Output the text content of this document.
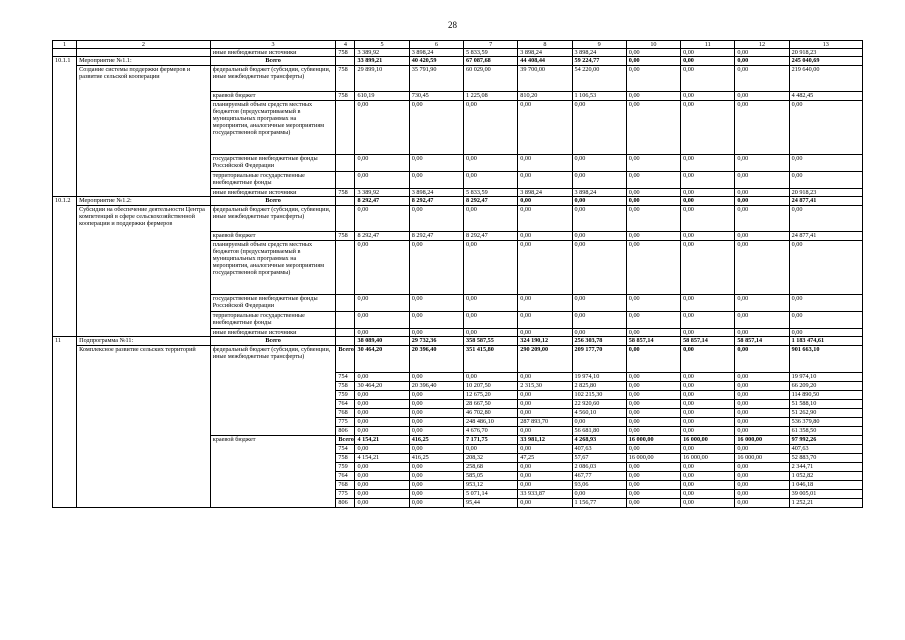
28
1	2	3	4	5	6	7	8	9	10	11	12	13
		иные внебюджетные источники	758	3 389,92	3 898,24	5 833,59	3 898,24	3 898,24	0,00	0,00	0,00	20 918,23
10.1.1	Мероприятие №1.1:	Всего		33 899,21	40 420,59	67 087,68	44 408,44	59 224,77	0,00	0,00	0,00	245 040,69
	Создание системы поддержки фермеров и развитие сельской кооперации	федеральный бюджет (субсидии, субвенции, иные межбюджетные трансферты)	758	29 899,10	35 791,90	60 029,00	39 700,00	54 220,00	0,00	0,00	0,00	219 640,00
		краевой бюджет	758	610,19	730,45	1 225,08	810,20	1 106,53	0,00	0,00	0,00	4 482,45
		планируемый объем средств местных бюджетов (предусматриваемый в муниципальных программах на мероприятия, аналогичные мероприятиям государственной программы)		0,00	0,00	0,00	0,00	0,00	0,00	0,00	0,00	0,00
		государственные внебюджетные фонды Российской Федерации		0,00	0,00	0,00	0,00	0,00	0,00	0,00	0,00	0,00
		территориальные государственные внебюджетные фонды		0,00	0,00	0,00	0,00	0,00	0,00	0,00	0,00	0,00
		иные внебюджетные источники	758	3 389,92	3 898,24	5 833,59	3 898,24	3 898,24	0,00	0,00	0,00	20 918,23
10.1.2	Мероприятие №1.2:	Всего		8 292,47	8 292,47	8 292,47	0,00	0,00	0,00	0,00	0,00	24 877,41
	Субсидии на обеспечение деятельности Центра компетенций в сфере сельскохозяйственной кооперации и поддержки фермеров	федеральный бюджет (субсидии, субвенции, иные межбюджетные трансферты)		0,00	0,00	0,00	0,00	0,00	0,00	0,00	0,00	0,00
		краевой бюджет	758	8 292,47	8 292,47	8 292,47	0,00	0,00	0,00	0,00	0,00	24 877,41
		планируемый объем средств местных бюджетов (предусматриваемый в муниципальных программах на мероприятия, аналогичные мероприятиям государственной программы)		0,00	0,00	0,00	0,00	0,00	0,00	0,00	0,00	0,00
		государственные внебюджетные фонды Российской Федерации		0,00	0,00	0,00	0,00	0,00	0,00	0,00	0,00	0,00
		территориальные государственные внебюджетные фонды		0,00	0,00	0,00	0,00	0,00	0,00	0,00	0,00	0,00
		иные внебюджетные источники		0,00	0,00	0,00	0,00	0,00	0,00	0,00	0,00	0,00
11	Подпрограмма №11:	Всего		38 089,40	29 732,36	358 587,55	324 190,12	256 303,78	58 857,14	58 857,14	58 857,14	1 183 474,61
	Комплексное развитие сельских территорий	федеральный бюджет (субсидии, субвенции, иные межбюджетные трансферты)	Всего	30 464,20	20 396,40	351 415,80	290 209,00	209 177,70	0,00	0,00	0,00	901 663,10
			754	0,00	0,00	0,00	0,00	19 974,10	0,00	0,00	0,00	19 974,10
			758	30 464,20	20 396,40	10 207,50	2 315,30	2 825,80	0,00	0,00	0,00	66 209,20
			759	0,00	0,00	12 675,20	0,00	102 215,30	0,00	0,00	0,00	114 890,50
			764	0,00	0,00	28 667,50	0,00	22 920,60	0,00	0,00	0,00	51 588,10
			768	0,00	0,00	46 702,80	0,00	4 560,10	0,00	0,00	0,00	51 262,90
			775	0,00	0,00	248 486,10	287 893,70	0,00	0,00	0,00	0,00	536 379,80
			806	0,00	0,00	4 676,70	0,00	56 681,80	0,00	0,00	0,00	61 358,50
		краевой бюджет	Всего	4 154,21	416,25	7 171,75	33 981,12	4 268,93	16 000,00	16 000,00	16 000,00	97 992,26
			754	0,00	0,00	0,00	0,00	407,63	0,00	0,00	0,00	407,63
			758	4 154,21	416,25	208,32	47,25	57,67	16 000,00	16 000,00	16 000,00	52 883,70
			759	0,00	0,00	258,68	0,00	2 086,03	0,00	0,00	0,00	2 344,71
			764	0,00	0,00	585,05	0,00	467,77	0,00	0,00	0,00	1 052,82
			768	0,00	0,00	953,12	0,00	93,06	0,00	0,00	0,00	1 046,18
			775	0,00	0,00	5 071,14	33 933,87	0,00	0,00	0,00	0,00	39 005,01
			806	0,00	0,00	95,44	0,00	1 156,77	0,00	0,00	0,00	1 252,21
